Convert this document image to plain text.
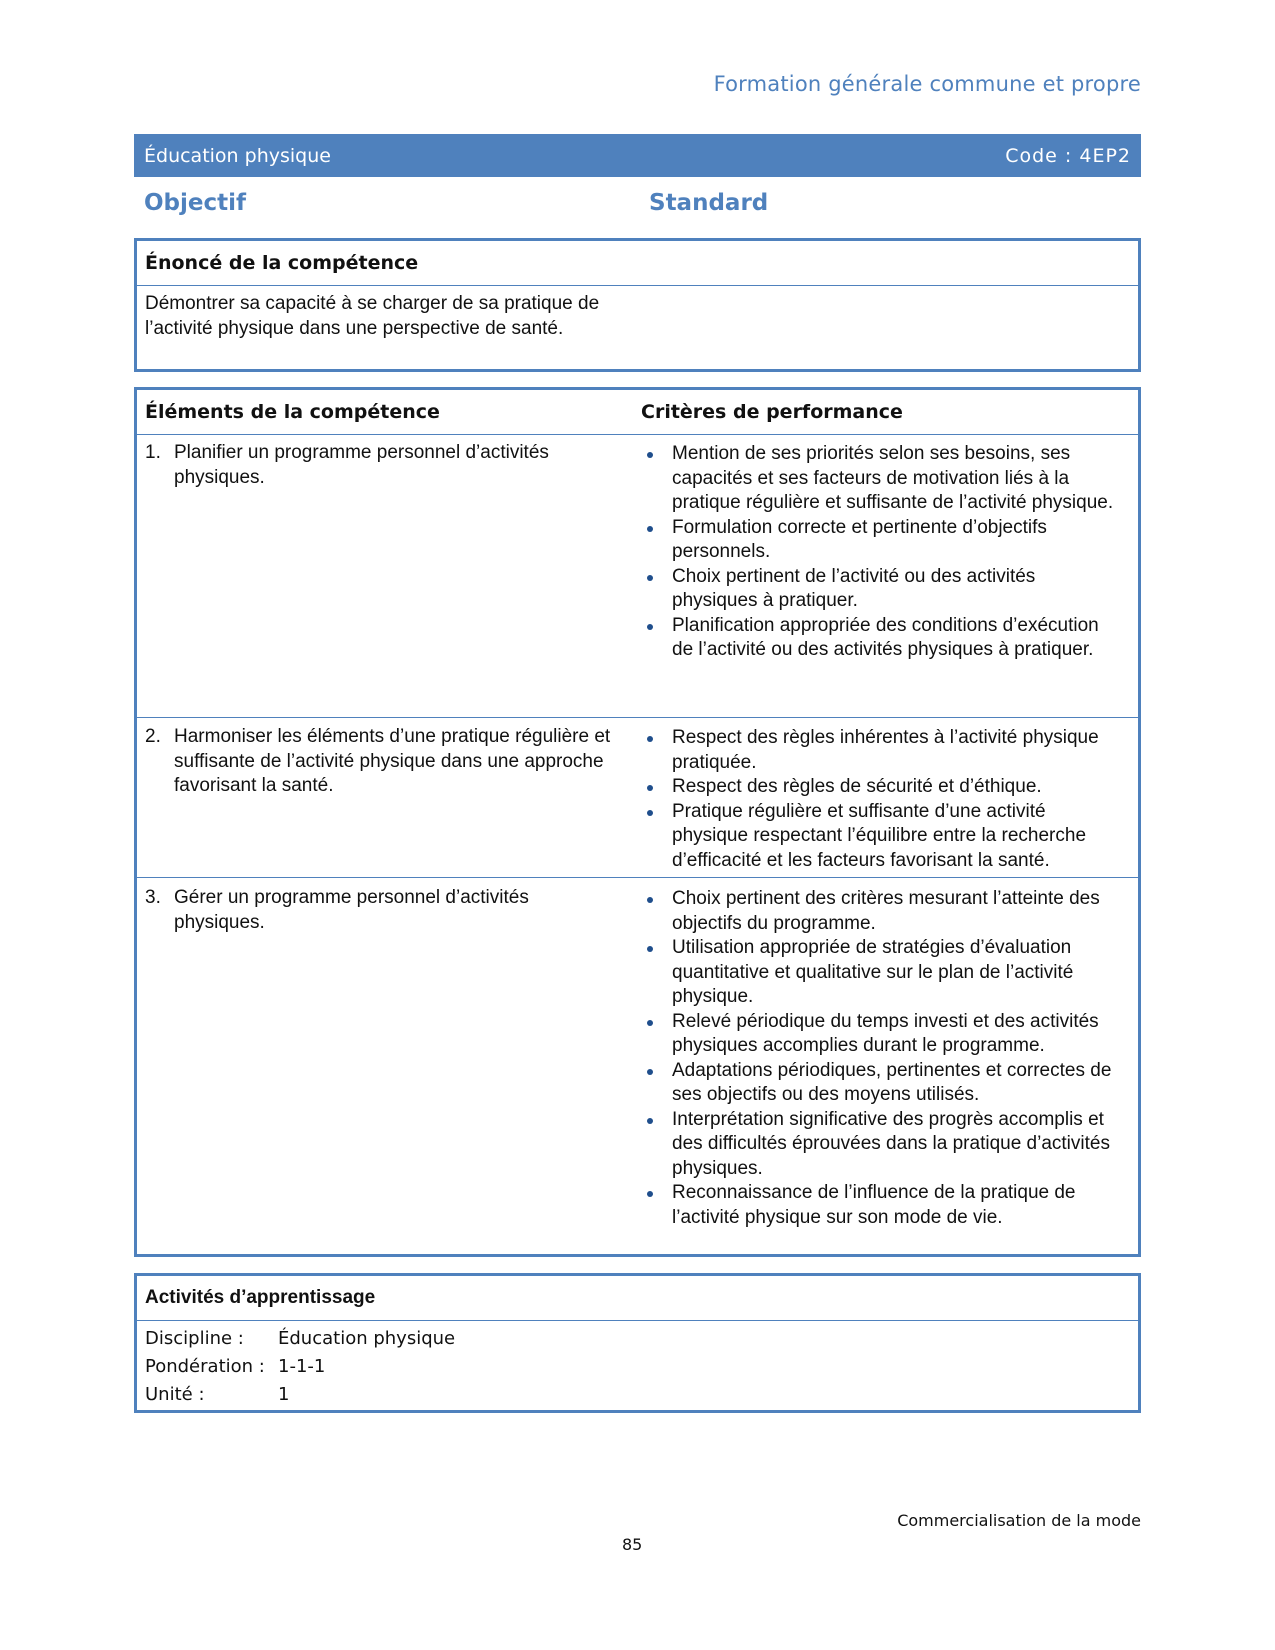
Formation générale commune et propre
Éducation physique	Code : 4EP2
Objectif	Standard
Énoncé de la compétence
Démontrer sa capacité à se charger de sa pratique de l’activité physique dans une perspective de santé.
Éléments de la compétence	Critères de performance
1. Planifier un programme personnel d’activités physiques.
Mention de ses priorités selon ses besoins, ses capacités et ses facteurs de motivation liés à la pratique régulière et suffisante de l’activité physique.
Formulation correcte et pertinente d’objectifs personnels.
Choix pertinent de l’activité ou des activités physiques à pratiquer.
Planification appropriée des conditions d’exécution de l’activité ou des activités physiques à pratiquer.
2. Harmoniser les éléments d’une pratique régulière et suffisante de l’activité physique dans une approche favorisant la santé.
Respect des règles inhérentes à l’activité physique pratiquée.
Respect des règles de sécurité et d’éthique.
Pratique régulière et suffisante d’une activité physique respectant l’équilibre entre la recherche d’efficacité et les facteurs favorisant la santé.
3. Gérer un programme personnel d’activités physiques.
Choix pertinent des critères mesurant l’atteinte des objectifs du programme.
Utilisation appropriée de stratégies d’évaluation quantitative et qualitative sur le plan de l’activité physique.
Relevé périodique du temps investi et des activités physiques accomplies durant le programme.
Adaptations périodiques, pertinentes et correctes de ses objectifs ou des moyens utilisés.
Interprétation significative des progrès accomplis et des difficultés éprouvées dans la pratique d’activités physiques.
Reconnaissance de l’influence de la pratique de l’activité physique sur son mode de vie.
Activités d’apprentissage
Discipline :	Éducation physique
Pondération : 1-1-1
Unité :	1
Commercialisation de la mode
85
